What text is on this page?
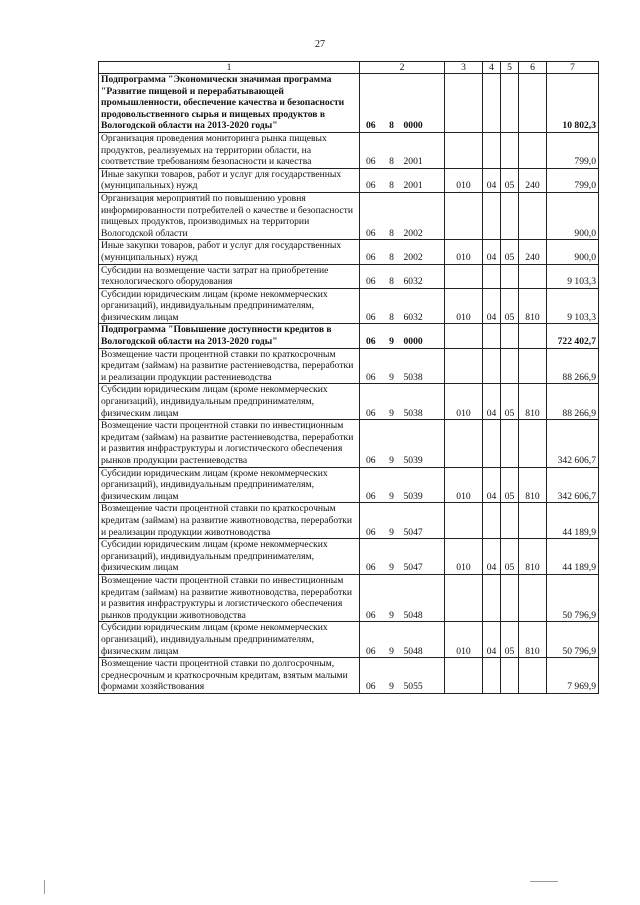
27
1	2			3	4	5	6	7
Подпрограмма "Экономически значимая программа "Развитие пищевой и перерабатывающей промышленности, обеспечение качества и безопасности продовольственного сырья и пищевых продуктов в Вологодской области на 2013-2020 годы"	06	8	0000					10 802,3
Организация проведения мониторинга рынка пищевых продуктов, реализуемых на территории области, на соответствие требованиям безопасности и качества	06	8	2001					799,0
Иные закупки товаров, работ и услуг для государственных (муниципальных) нужд	06	8	2001	010	04	05	240	799,0
Организация мероприятий по повышению уровня информированности потребителей о качестве и безопасности пищевых продуктов, производимых на территории Вологодской области	06	8	2002					900,0
Иные закупки товаров, работ и услуг для государственных (муниципальных) нужд	06	8	2002	010	04	05	240	900,0
Субсидии на возмещение части затрат на приобретение технологического оборудования	06	8	6032					9 103,3
Субсидии юридическим лицам (кроме некоммерческих организаций), индивидуальным предпринимателям, физическим лицам	06	8	6032	010	04	05	810	9 103,3
Подпрограмма "Повышение доступности кредитов в Вологодской области на 2013-2020 годы"	06	9	0000					722 402,7
Возмещение части процентной ставки по краткосрочным кредитам (займам) на развитие растениеводства, переработки и реализации продукции растениеводства	06	9	5038					88 266,9
Субсидии юридическим лицам (кроме некоммерческих организаций), индивидуальным предпринимателям, физическим лицам	06	9	5038	010	04	05	810	88 266,9
Возмещение части процентной ставки по инвестиционным кредитам (займам) на развитие растениеводства, переработки и развития инфраструктуры и логистического обеспечения рынков продукции растениеводства	06	9	5039					342 606,7
Субсидии юридическим лицам (кроме некоммерческих организаций), индивидуальным предпринимателям, физическим лицам	06	9	5039	010	04	05	810	342 606,7
Возмещение части процентной ставки по краткосрочным кредитам (займам) на развитие животноводства, переработки и реализации продукции животноводства	06	9	5047					44 189,9
Субсидии юридическим лицам (кроме некоммерческих организаций), индивидуальным предпринимателям, физическим лицам	06	9	5047	010	04	05	810	44 189,9
Возмещение части процентной ставки по инвестиционным кредитам (займам) на развитие животноводства, переработки и развития инфраструктуры и логистического обеспечения рынков продукции животноводства	06	9	5048					50 796,9
Субсидии юридическим лицам (кроме некоммерческих организаций), индивидуальным предпринимателям, физическим лицам	06	9	5048	010	04	05	810	50 796,9
Возмещение части процентной ставки по долгосрочным, среднесрочным и краткосрочным кредитам, взятым малыми формами хозяйствования	06	9	5055					7 969,9
